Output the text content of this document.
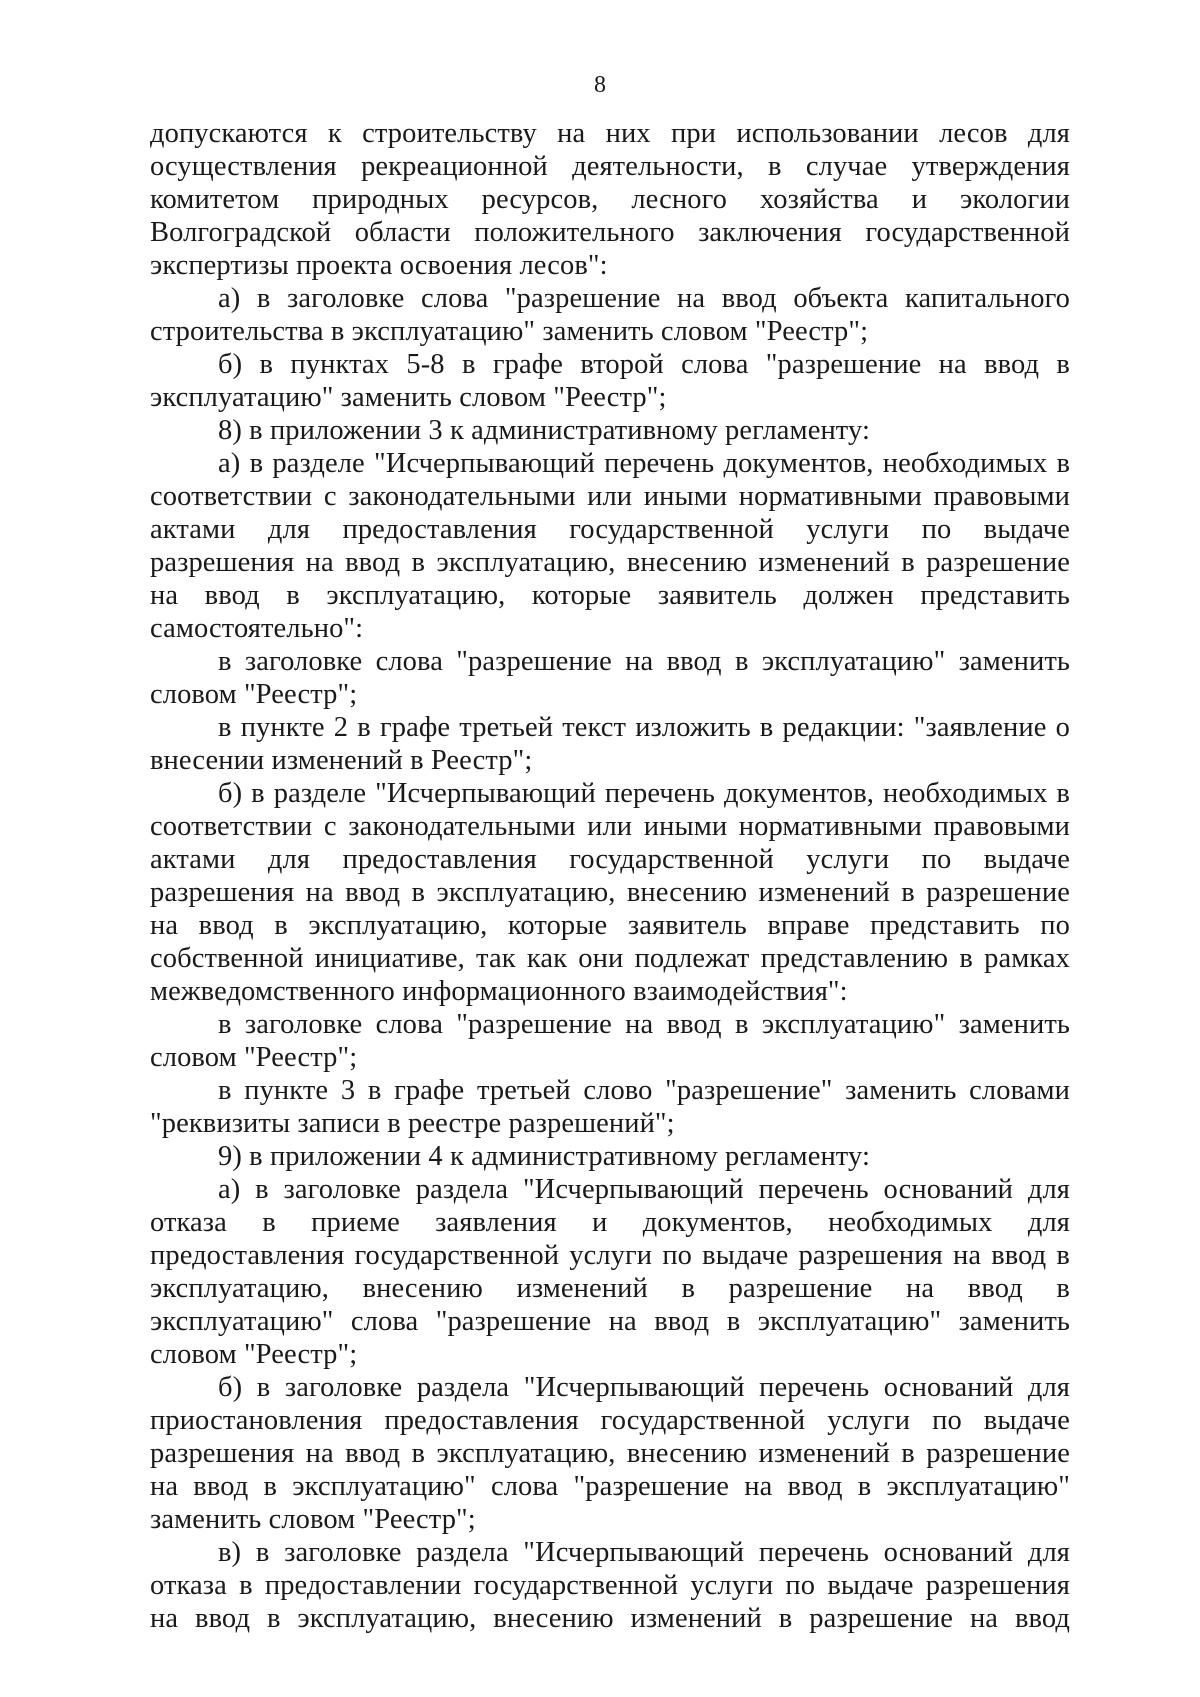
8

допускаются к строительству на них при использовании лесов для осуществления рекреационной деятельности, в случае утверждения комитетом природных ресурсов, лесного хозяйства и экологии Волгоградской области положительного заключения государственной экспертизы проекта освоения лесов":

а) в заголовке слова "разрешение на ввод объекта капитального строительства в эксплуатацию" заменить словом "Реестр";

б) в пунктах 5-8 в графе второй слова "разрешение на ввод в эксплуатацию" заменить словом "Реестр";

8) в приложении 3 к административному регламенту:

а) в разделе "Исчерпывающий перечень документов, необходимых в соответствии с законодательными или иными нормативными правовыми актами для предоставления государственной услуги по выдаче разрешения на ввод в эксплуатацию, внесению изменений в разрешение на ввод в эксплуатацию, которые заявитель должен представить самостоятельно":

в заголовке слова "разрешение на ввод в эксплуатацию" заменить словом "Реестр";

в пункте 2 в графе третьей текст изложить в редакции: "заявление о внесении изменений в Реестр";

б) в разделе "Исчерпывающий перечень документов, необходимых в соответствии с законодательными или иными нормативными правовыми актами для предоставления государственной услуги по выдаче разрешения на ввод в эксплуатацию, внесению изменений в разрешение на ввод в эксплуатацию, которые заявитель вправе представить по собственной инициативе, так как они подлежат представлению в рамках межведомственного информационного взаимодействия":

в заголовке слова "разрешение на ввод в эксплуатацию" заменить словом "Реестр";

в пункте 3 в графе третьей слово "разрешение" заменить словами "реквизиты записи в реестре разрешений";

9) в приложении 4 к административному регламенту:

а) в заголовке раздела "Исчерпывающий перечень оснований для отказа в приеме заявления и документов, необходимых для предоставления государственной услуги по выдаче разрешения на ввод в эксплуатацию, внесению изменений в разрешение на ввод в эксплуатацию" слова "разрешение на ввод в эксплуатацию" заменить словом "Реестр";

б) в заголовке раздела "Исчерпывающий перечень оснований для приостановления предоставления государственной услуги по выдаче разрешения на ввод в эксплуатацию, внесению изменений в разрешение на ввод в эксплуатацию" слова "разрешение на ввод в эксплуатацию" заменить словом "Реестр";

в) в заголовке раздела "Исчерпывающий перечень оснований для отказа в предоставлении государственной услуги по выдаче разрешения на ввод в эксплуатацию, внесению изменений в разрешение на ввод
